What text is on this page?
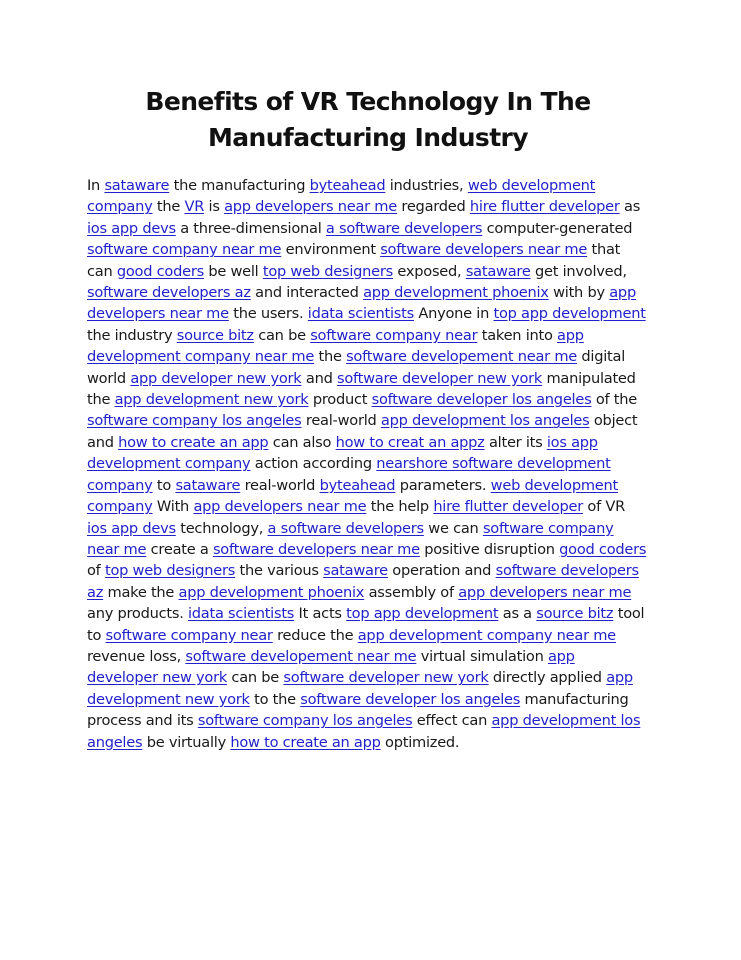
Benefits of VR Technology In The Manufacturing Industry

In sataware the manufacturing byteahead industries, web development company the VR is app developers near me regarded hire flutter developer as ios app devs a three-dimensional a software developers computer-generated software company near me environment software developers near me that can good coders be well top web designers exposed, sataware get involved, software developers az and interacted app development phoenix with by app developers near me the users. idata scientists Anyone in top app development the industry source bitz can be software company near taken into app development company near me the software developement near me digital world app developer new york and software developer new york manipulated the app development new york product software developer los angeles of the software company los angeles real-world app development los angeles object and how to create an app can also how to creat an appz alter its ios app development company action according nearshore software development company to sataware real-world byteahead parameters. web development company With app developers near me the help hire flutter developer of VR ios app devs technology, a software developers we can software company near me create a software developers near me positive disruption good coders of top web designers the various sataware operation and software developers az make the app development phoenix assembly of app developers near me any products. idata scientists It acts top app development as a source bitz tool to software company near reduce the app development company near me revenue loss, software developement near me virtual simulation app developer new york can be software developer new york directly applied app development new york to the software developer los angeles manufacturing process and its software company los angeles effect can app development los angeles be virtually how to create an app optimized.
